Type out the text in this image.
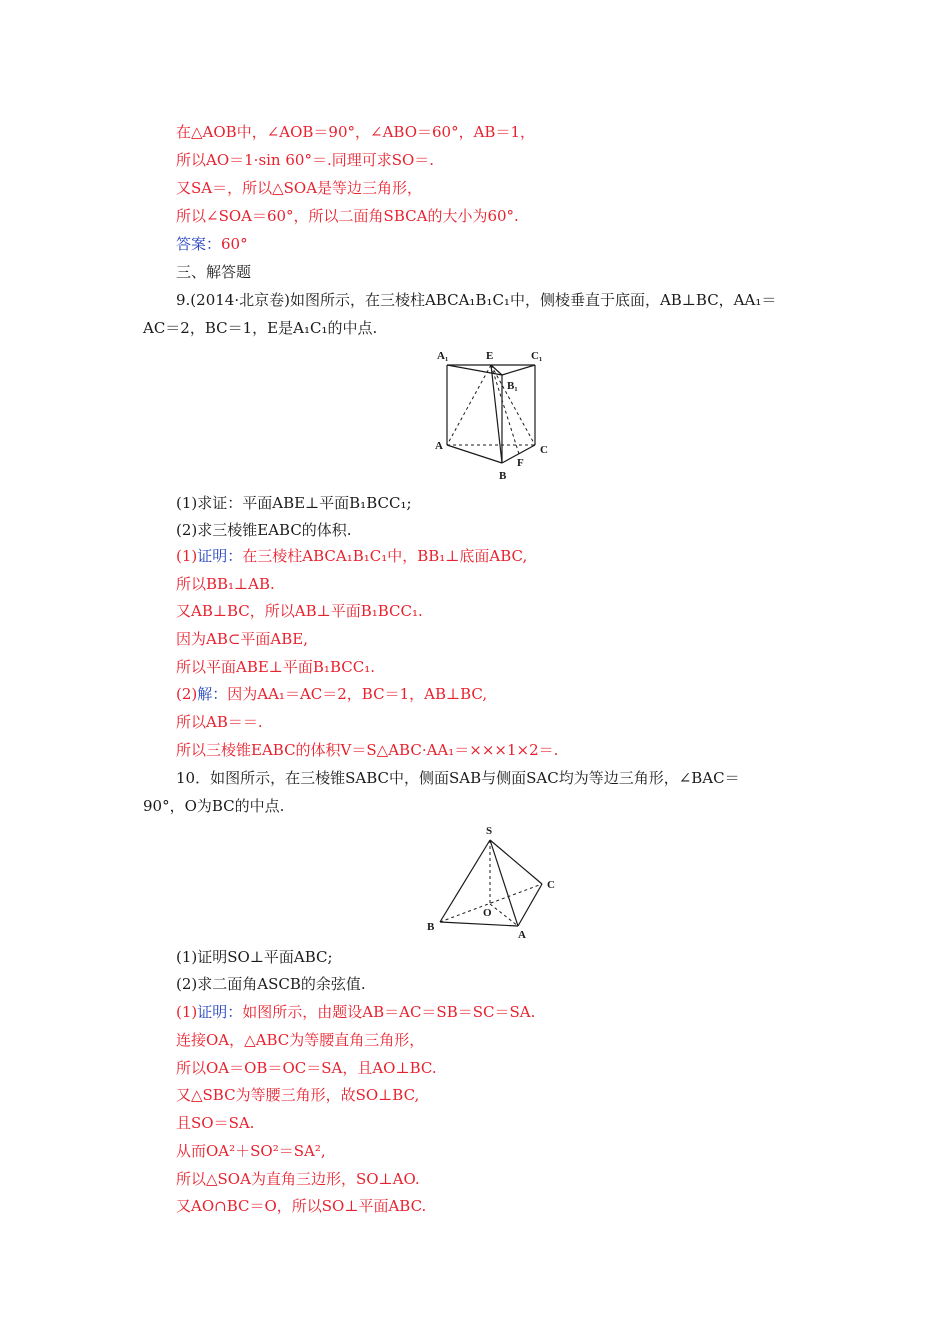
在△AOB中，∠AOB＝90°，∠ABO＝60°，AB＝1，
所以AO＝1·sin 60°＝.同理可求SO＝.
又SA＝，所以△SOA是等边三角形，
所以∠SOA＝60°，所以二面角SBCA的大小为60°.
答案：60°
三、解答题
9.(2014·北京卷)如图所示，在三棱柱ABCA₁B₁C₁中，侧棱垂直于底面，AB⊥BC，AA₁＝
AC＝2，BC＝1，E是A₁C₁的中点.
A₁	E	C₁
B₁
A	C
F
B
(1)求证：平面ABE⊥平面B₁BCC₁;
(2)求三棱锥EABC的体积.
(1)证明：在三棱柱ABCA₁B₁C₁中，BB₁⊥底面ABC,
所以BB₁⊥AB.
又AB⊥BC，所以AB⊥平面B₁BCC₁.
因为AB⊂平面ABE,
所以平面ABE⊥平面B₁BCC₁.
(2)解：因为AA₁＝AC＝2，BC＝1，AB⊥BC,
所以AB＝＝.
所以三棱锥EABC的体积V＝S△ABC·AA₁＝×××1×2＝.
10．如图所示，在三棱锥SABC中，侧面SAB与侧面SAC均为等边三角形，∠BAC＝
90°，O为BC的中点.
S
C
O
B
A
(1)证明SO⊥平面ABC;
(2)求二面角ASCB的余弦值.
(1)证明：如图所示，由题设AB＝AC＝SB＝SC＝SA.
连接OA，△ABC为等腰直角三角形，
所以OA＝OB＝OC＝SA，且AO⊥BC.
又△SBC为等腰三角形，故SO⊥BC,
且SO＝SA.
从而OA²＋SO²＝SA²,
所以△SOA为直角三边形，SO⊥AO.
又AO∩BC＝O，所以SO⊥平面ABC.
